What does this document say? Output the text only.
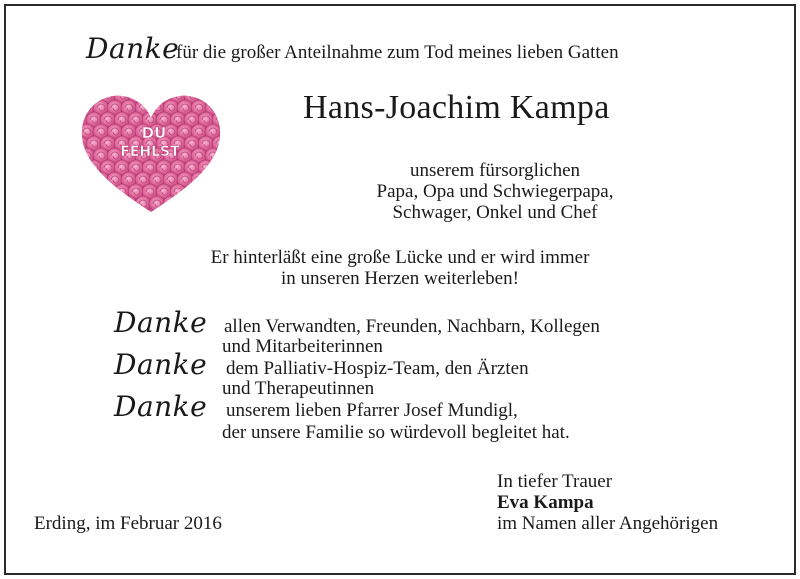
Danke
für die großer Anteilnahme zum Tod meines lieben Gatten
DU
FEHLST
Hans-Joachim Kampa
unserem fürsorglichen
Papa, Opa und Schwiegerpapa,
Schwager, Onkel und Chef
Er hinterläßt eine große Lücke und er wird immer
in unseren Herzen weiterleben!
Danke allen Verwandten, Freunden, Nachbarn, Kollegen
und Mitarbeiterinnen
Danke dem Palliativ-Hospiz-Team, den Ärzten
und Therapeutinnen
Danke unserem lieben Pfarrer Josef Mundigl,
der unsere Familie so würdevoll begleitet hat.
In tiefer Trauer
Eva Kampa
im Namen aller Angehörigen
Erding, im Februar 2016
